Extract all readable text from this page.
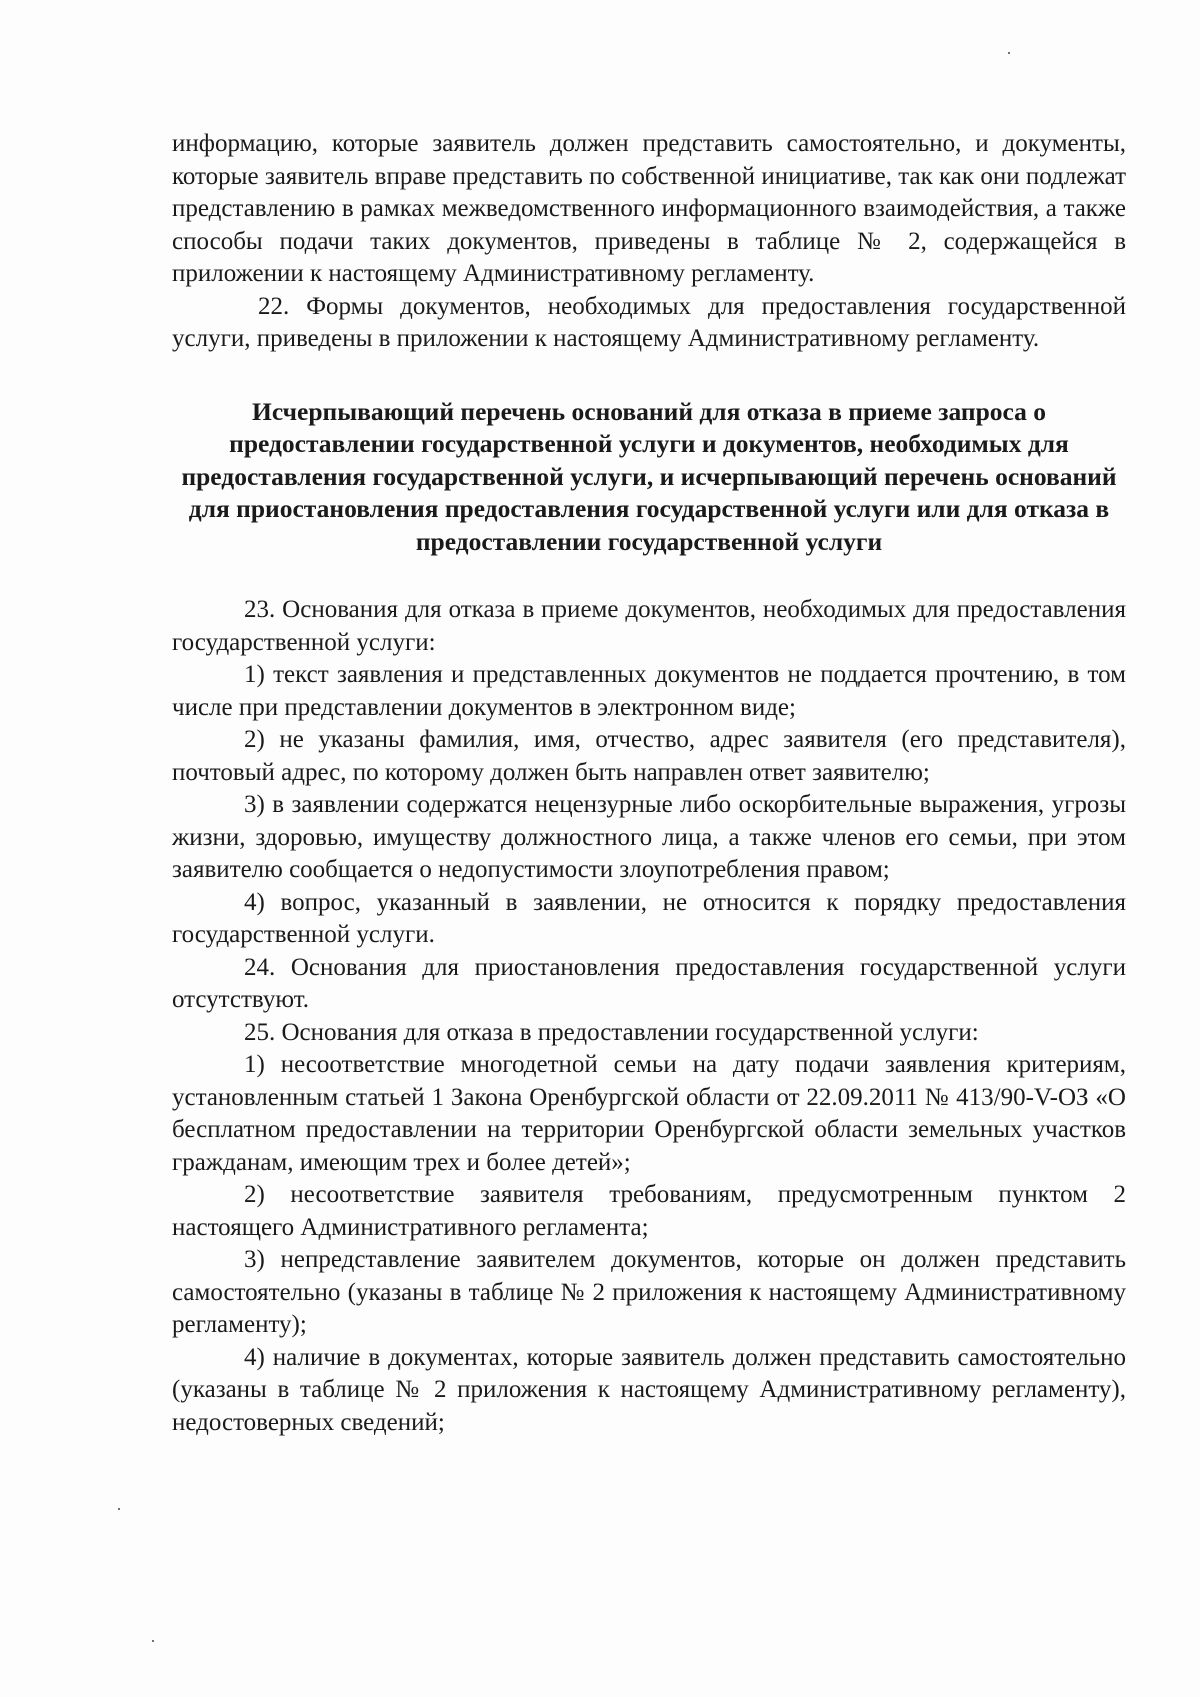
информацию, которые заявитель должен представить самостоятельно, и документы, которые заявитель вправе представить по собственной инициативе, так как они подлежат представлению в рамках межведомственного информационного взаимодействия, а также способы подачи таких документов, приведены в таблице № 2, содержащейся в приложении к настоящему Административному регламенту.

22. Формы документов, необходимых для предоставления государственной услуги, приведены в приложении к настоящему Административному регламенту.

Исчерпывающий перечень оснований для отказа в приеме запроса о предоставлении государственной услуги и документов, необходимых для предоставления государственной услуги, и исчерпывающий перечень оснований для приостановления предоставления государственной услуги или для отказа в предоставлении государственной услуги

23. Основания для отказа в приеме документов, необходимых для предоставления государственной услуги:

1) текст заявления и представленных документов не поддается прочтению, в том числе при представлении документов в электронном виде;

2) не указаны фамилия, имя, отчество, адрес заявителя (его представителя), почтовый адрес, по которому должен быть направлен ответ заявителю;

3) в заявлении содержатся нецензурные либо оскорбительные выражения, угрозы жизни, здоровью, имуществу должностного лица, а также членов его семьи, при этом заявителю сообщается о недопустимости злоупотребления правом;

4) вопрос, указанный в заявлении, не относится к порядку предоставления государственной услуги.

24. Основания для приостановления предоставления государственной услуги отсутствуют.

25. Основания для отказа в предоставлении государственной услуги:

1) несоответствие многодетной семьи на дату подачи заявления критериям, установленным статьей 1 Закона Оренбургской области от 22.09.2011 № 413/90-V-ОЗ «О бесплатном предоставлении на территории Оренбургской области земельных участков гражданам, имеющим трех и более детей»;

2) несоответствие заявителя требованиям, предусмотренным пунктом 2 настоящего Административного регламента;

3) непредставление заявителем документов, которые он должен представить самостоятельно (указаны в таблице № 2 приложения к настоящему Административному регламенту);

4) наличие в документах, которые заявитель должен представить самостоятельно (указаны в таблице № 2 приложения к настоящему Административному регламенту), недостоверных сведений;
